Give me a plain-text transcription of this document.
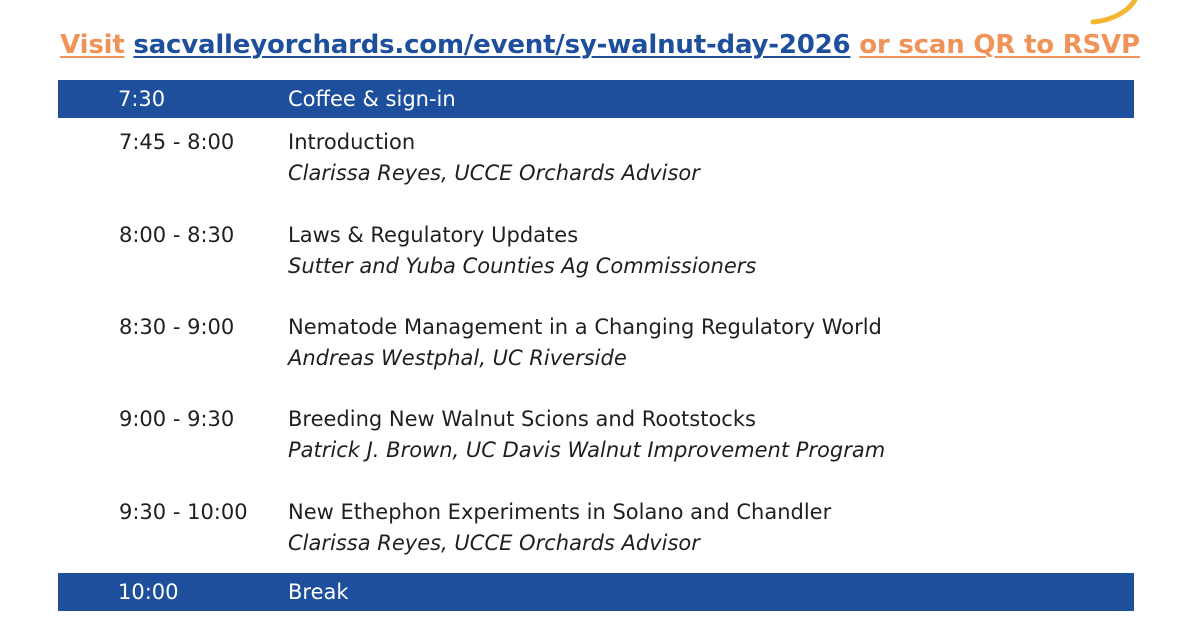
Visit sacvalleyorchards.com/event/sy-walnut-day-2026 or scan QR to RSVP
7:30	Coffee & sign-in
7:45 - 8:00	Introduction
Clarissa Reyes, UCCE Orchards Advisor
8:00 - 8:30	Laws & Regulatory Updates
Sutter and Yuba Counties Ag Commissioners
8:30 - 9:00	Nematode Management in a Changing Regulatory World
Andreas Westphal, UC Riverside
9:00 - 9:30	Breeding New Walnut Scions and Rootstocks
Patrick J. Brown, UC Davis Walnut Improvement Program
9:30 - 10:00 New Ethephon Experiments in Solano and Chandler
Clarissa Reyes, UCCE Orchards Advisor
10:00	Break
